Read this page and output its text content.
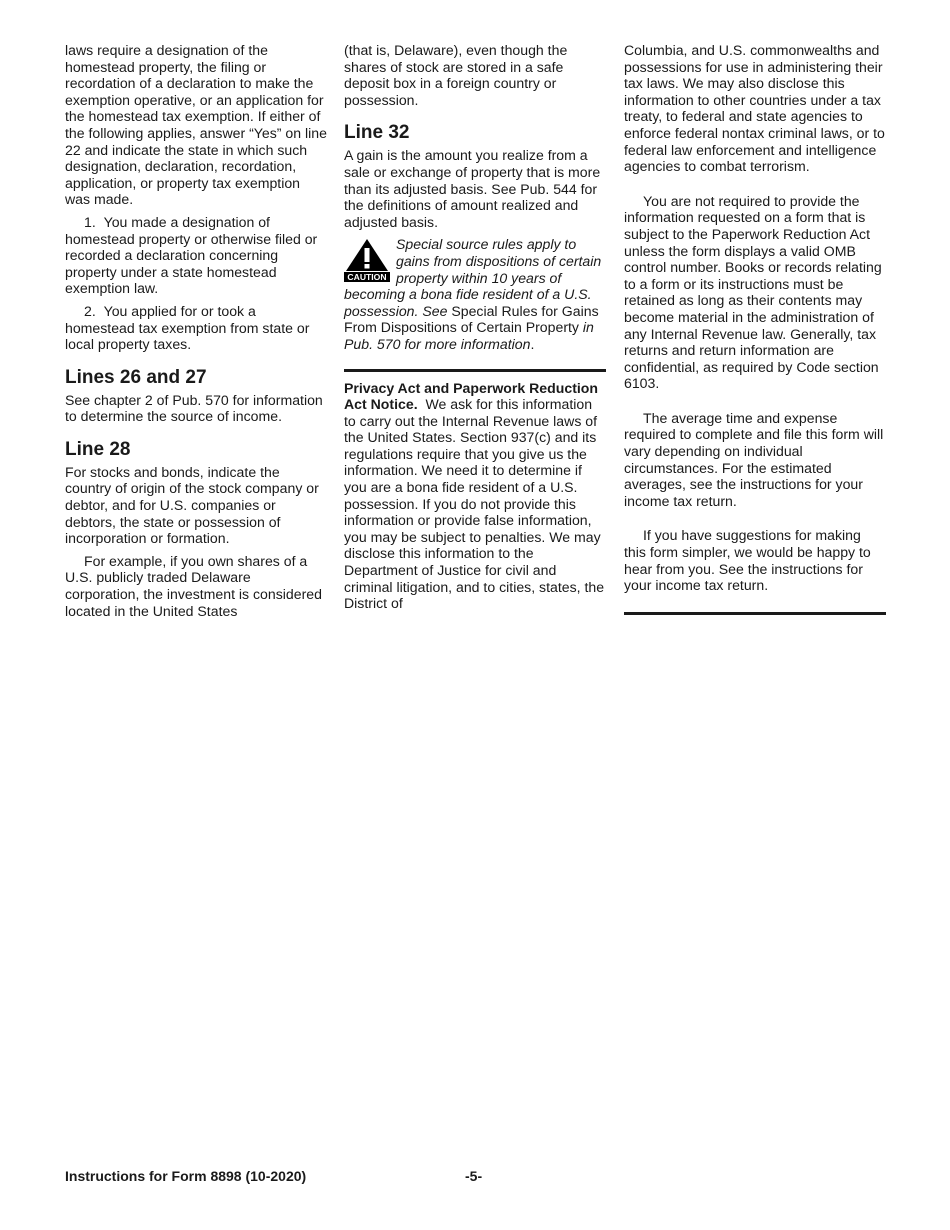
laws require a designation of the homestead property, the filing or recordation of a declaration to make the exemption operative, or an application for the homestead tax exemption. If either of the following applies, answer “Yes” on line 22 and indicate the state in which such designation, declaration, recordation, application, or property tax exemption was made.

1.  You made a designation of homestead property or otherwise filed or recorded a declaration concerning property under a state homestead exemption law.

2.  You applied for or took a homestead tax exemption from state or local property taxes.

Lines 26 and 27

See chapter 2 of Pub. 570 for information to determine the source of income.

Line 28

For stocks and bonds, indicate the country of origin of the stock company or debtor, and for U.S. companies or debtors, the state or possession of incorporation or formation.

For example, if you own shares of a U.S. publicly traded Delaware corporation, the investment is considered located in the United States

(that is, Delaware), even though the shares of stock are stored in a safe deposit box in a foreign country or possession.

Line 32

A gain is the amount you realize from a sale or exchange of property that is more than its adjusted basis. See Pub. 544 for the definitions of amount realized and adjusted basis.

CAUTION
Special source rules apply to gains from dispositions of certain property within 10 years of becoming a bona fide resident of a U.S. possession. See Special Rules for Gains From Dispositions of Certain Property in Pub. 570 for more information.

Privacy Act and Paperwork Reduction Act Notice. We ask for this information to carry out the Internal Revenue laws of the United States. Section 937(c) and its regulations require that you give us the information. We need it to determine if you are a bona fide resident of a U.S. possession. If you do not provide this information or provide false information, you may be subject to penalties. We may disclose this information to the Department of Justice for civil and criminal litigation, and to cities, states, the District of

Columbia, and U.S. commonwealths and possessions for use in administering their tax laws. We may also disclose this information to other countries under a tax treaty, to federal and state agencies to enforce federal nontax criminal laws, or to federal law enforcement and intelligence agencies to combat terrorism.

You are not required to provide the information requested on a form that is subject to the Paperwork Reduction Act unless the form displays a valid OMB control number. Books or records relating to a form or its instructions must be retained as long as their contents may become material in the administration of any Internal Revenue law. Generally, tax returns and return information are confidential, as required by Code section 6103.

The average time and expense required to complete and file this form will vary depending on individual circumstances. For the estimated averages, see the instructions for your income tax return.

If you have suggestions for making this form simpler, we would be happy to hear from you. See the instructions for your income tax return.

Instructions for Form 8898 (10-2020)	-5-
